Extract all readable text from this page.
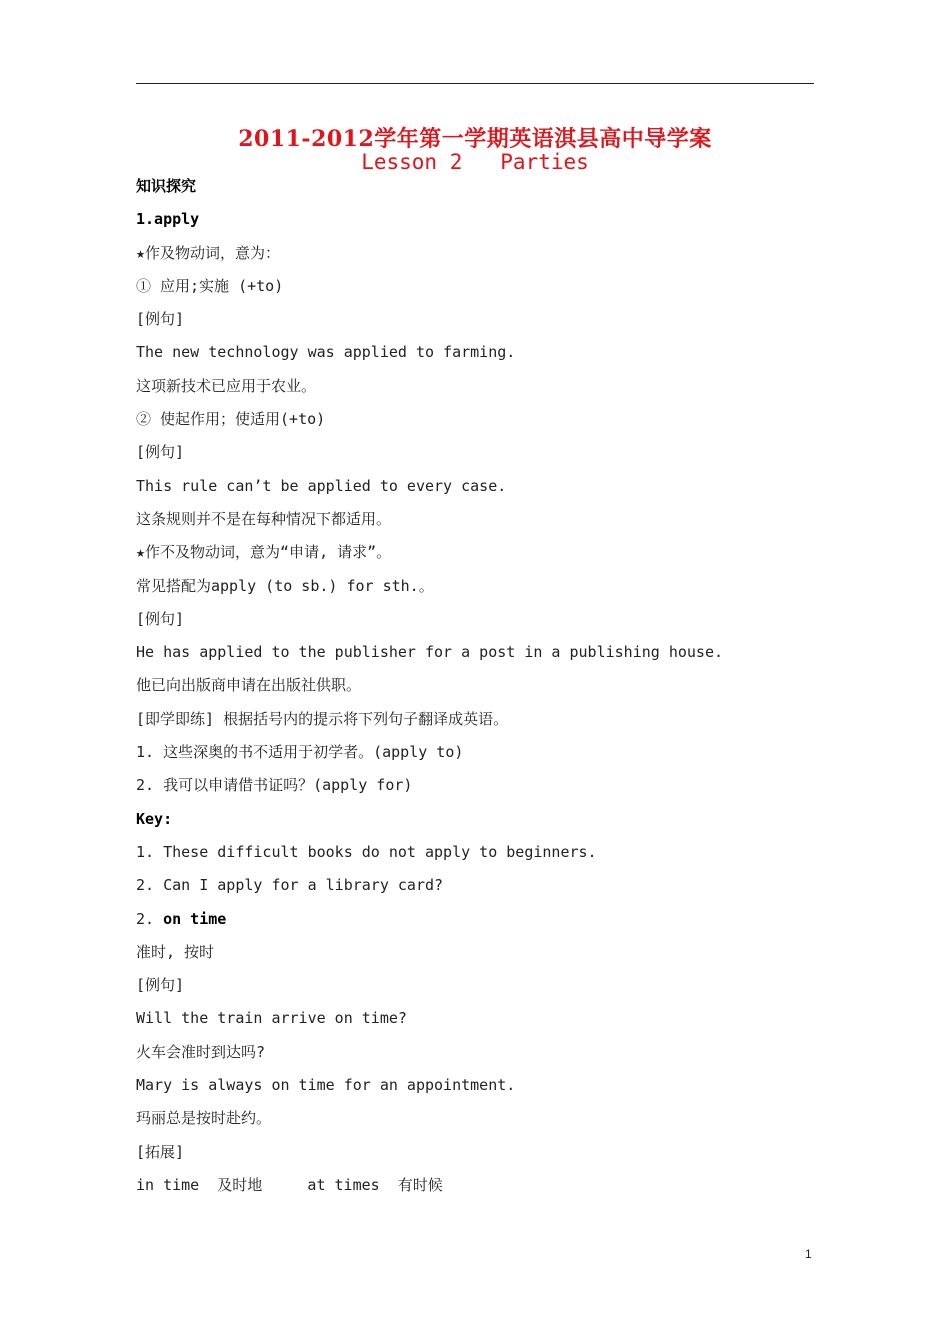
2011-2012学年第一学期英语淇县高中导学案
Lesson 2   Parties
知识探究
1.apply
★作及物动词，意为：
① 应用;实施 (+to)
[例句]
The new technology was applied to farming.
这项新技术已应用于农业。
② 使起作用；使适用(+to)
[例句]
This rule can’t be applied to every case.
这条规则并不是在每种情况下都适用。
★作不及物动词，意为“申请, 请求”。
常见搭配为apply (to sb.) for sth.。
[例句]
He has applied to the publisher for a post in a publishing house.
他已向出版商申请在出版社供职。
[即学即练] 根据括号内的提示将下列句子翻译成英语。
1. 这些深奥的书不适用于初学者。(apply to)
2. 我可以申请借书证吗？(apply for)
Key:
1. These difficult books do not apply to beginners.
2. Can I apply for a library card?
2. on time
准时, 按时
[例句]
Will the train arrive on time?
火车会准时到达吗?
Mary is always on time for an appointment.
玛丽总是按时赴约。
[拓展]
in time  及时地     at times  有时候
1
